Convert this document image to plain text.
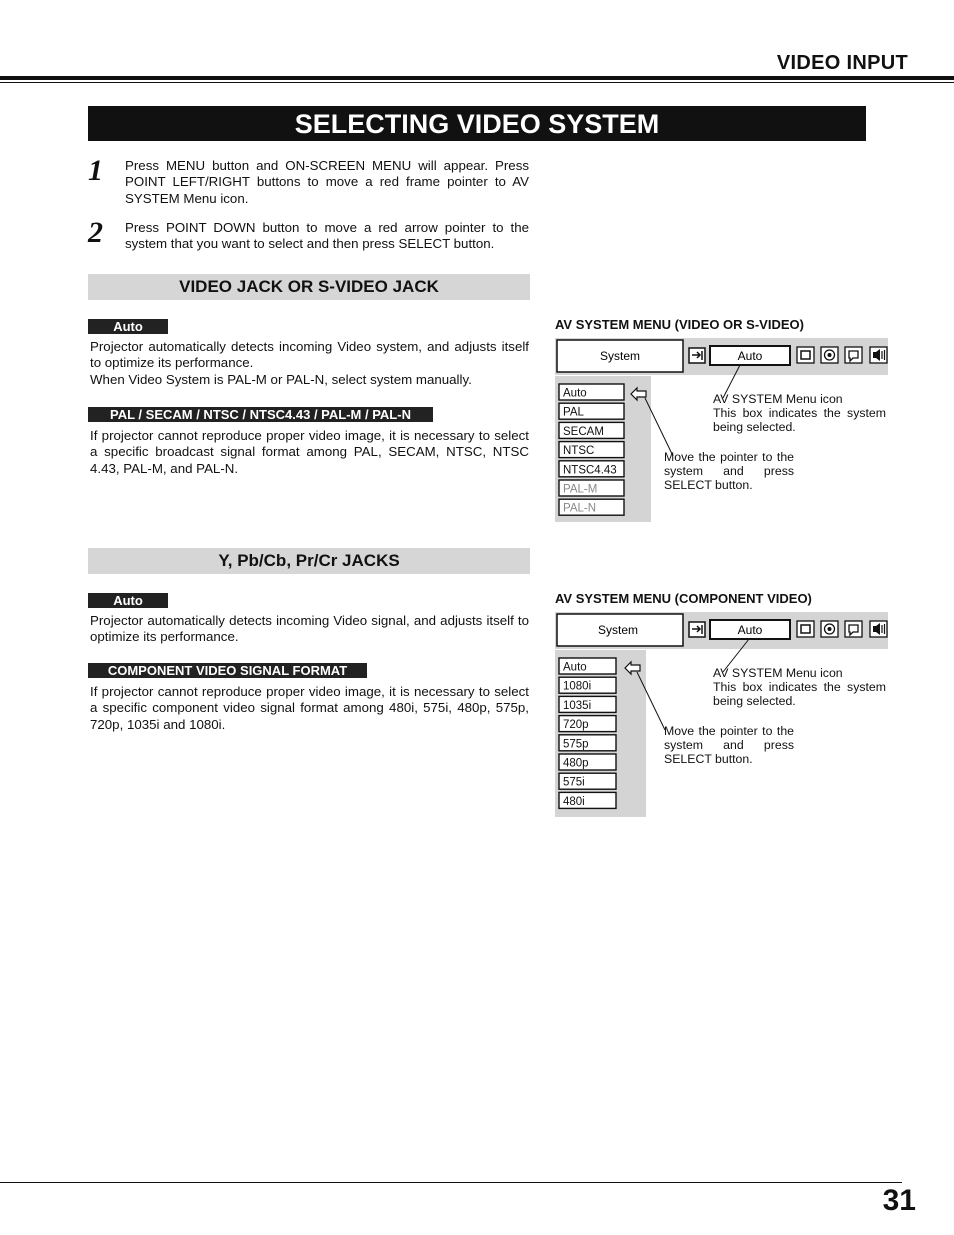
VIDEO INPUT
SELECTING VIDEO SYSTEM
1 Press MENU button and ON-SCREEN MENU will appear. Press POINT LEFT/RIGHT buttons to move a red frame pointer to AV SYSTEM Menu icon.
2 Press POINT DOWN button to move a red arrow pointer to the system that you want to select and then press SELECT button.
VIDEO JACK OR S-VIDEO JACK
Auto
Projector automatically detects incoming Video system, and adjusts itself to optimize its performance.
When Video System is PAL-M or PAL-N, select system manually.
PAL / SECAM / NTSC / NTSC4.43 / PAL-M / PAL-N
If projector cannot reproduce proper video image, it is necessary to select a specific broadcast signal format among PAL, SECAM, NTSC, NTSC 4.43, PAL-M, and PAL-N.
Y, Pb/Cb, Pr/Cr JACKS
Auto
Projector automatically detects incoming Video signal, and adjusts itself to optimize its performance.
COMPONENT VIDEO SIGNAL FORMAT
If projector cannot reproduce proper video image, it is necessary to select a specific component video signal format among 480i, 575i, 480p, 575p, 720p, 1035i and 1080i.
AV SYSTEM MENU (VIDEO OR S-VIDEO)
System	Auto
Auto
PAL
SECAM
NTSC
NTSC4.43
PAL-M
PAL-N
AV SYSTEM Menu icon
This box indicates the system being selected.
Move the pointer to the system and press SELECT button.
AV SYSTEM MENU (COMPONENT VIDEO)
System	Auto
Auto
1080i
1035i
720p
575p
480p
575i
480i
AV SYSTEM Menu icon
This box indicates the system being selected.
Move the pointer to the system and press SELECT button.
31
